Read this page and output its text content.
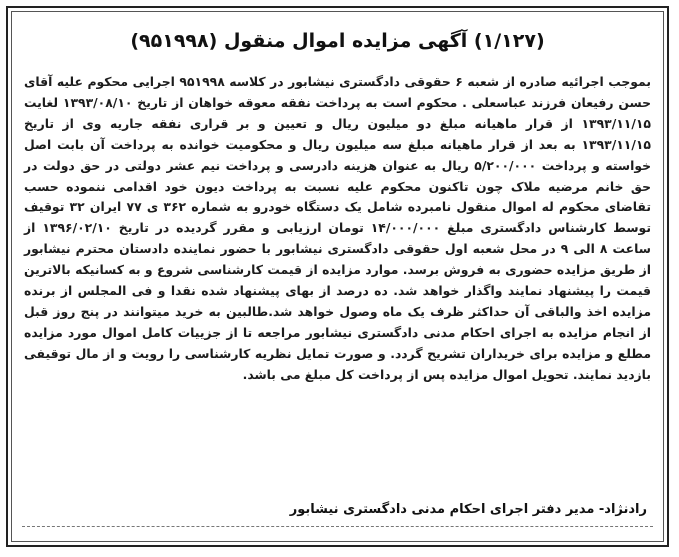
(۱/۱۲۷) آگهی مزایده اموال منقول (۹۵۱۹۹۸)
بموجب اجرائیه صادره از شعبه ۶ حقوقی دادگستری نیشابور در کلاسه ۹۵۱۹۹۸ اجرایی محکوم علیه آقای حسن رفیعان فرزند عباسعلی . محکوم است به پرداخت نفقه معوقه خواهان از تاریخ ۱۳۹۳/۰۸/۱۰ لغایت ۱۳۹۳/۱۱/۱۵ از قرار ماهیانه مبلغ دو میلیون ریال و تعیین و بر قراری نفقه جاریه وی از تاریخ ۱۳۹۳/۱۱/۱۵ به بعد از قرار ماهیانه مبلغ سه میلیون ریال و محکومیت خوانده به پرداخت آن بابت اصل خواسته و پرداخت ۵/۲۰۰/۰۰۰ ریال به عنوان هزینه دادرسی و پرداخت نیم عشر دولتی در حق دولت در حق خانم مرضیه ملاک چون تاکنون محکوم علیه نسبت به پرداخت دیون خود اقدامی ننموده حسب تقاضای محکوم له اموال منقول نامبرده شامل یک دستگاه خودرو به شماره ۳۶۲ ی ۷۷ ایران ۳۲ توقیف توسط کارشناس دادگستری مبلغ ۱۴/۰۰۰/۰۰۰ تومان ارزیابی و مقرر گردیده در تاریخ ۱۳۹۶/۰۲/۱۰ از ساعت ۸ الی ۹ در محل شعبه اول حقوقی دادگستری نیشابور با حضور نماینده دادستان محترم نیشابور از طریق مزایده حضوری به فروش برسد. موارد مزایده از قیمت کارشناسی شروع و به کسانیکه بالاترین قیمت را پیشنهاد نمایند واگذار خواهد شد. ده درصد از بهای پیشنهاد شده نقدا و فی المجلس از برنده مزایده اخذ والباقی آن حداکثر ظرف یک ماه وصول خواهد شد.طالبین به خرید میتوانند در پنج روز قبل از انجام مزایده به اجرای احکام مدنی دادگستری نیشابور مراجعه تا از جزییات کامل اموال مورد مزایده مطلع و مزایده برای خریداران تشریح گردد. و صورت تمایل نظریه کارشناسی را رویت و از مال توقیفی بازدید نمایند. تحویل اموال مزایده پس از پرداخت کل مبلغ می باشد.
رادنژاد- مدیر دفتر اجرای احکام مدنی دادگستری نیشابور
